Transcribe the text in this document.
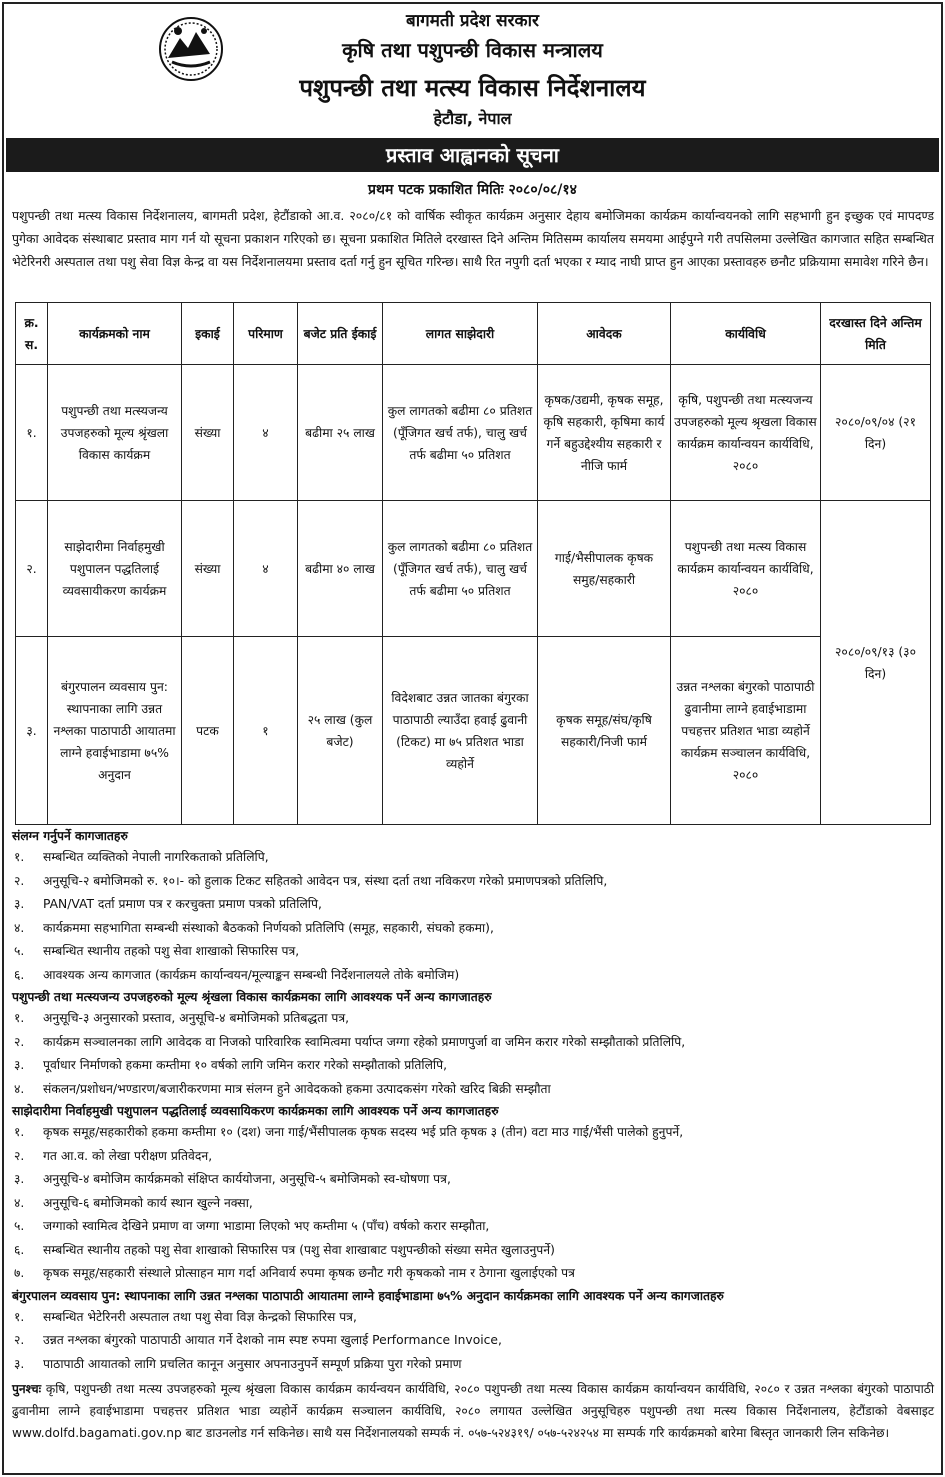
बागमती प्रदेश सरकार
कृषि तथा पशुपन्छी विकास मन्त्रालय
पशुपन्छी तथा मत्स्य विकास निर्देशनालय
हेटौडा, नेपाल
प्रस्ताव आह्वानको सूचना
प्रथम पटक प्रकाशित मितिः २०८०/०८/१४
पशुपन्छी तथा मत्स्य विकास निर्देशनालय, बागमती प्रदेश, हेटौंडाको आ.व. २०८०/८१ को वार्षिक स्वीकृत कार्यक्रम अनुसार देहाय बमोजिमका कार्यक्रम कार्यान्वयनको लागि सहभागी हुन इच्छुक एवं मापदण्ड पुगेका आवेदक संस्थाबाट प्रस्ताव माग गर्न यो सूचना प्रकाशन गरिएको छ। सूचना प्रकाशित मितिले दरखास्त दिने अन्तिम मितिसम्म कार्यालय समयमा आईपुग्ने गरी तपसिलमा उल्लेखित कागजात सहित सम्बन्धित भेटेरिनरी अस्पताल तथा पशु सेवा विज्ञ केन्द्र वा यस निर्देशनालयमा प्रस्ताव दर्ता गर्नु हुन सूचित गरिन्छ। साथै रित नपुगी दर्ता भएका र म्याद नाघी प्राप्त हुन आएका प्रस्तावहरु छनौट प्रक्रियामा समावेश गरिने छैन।
क्र. स.	कार्यक्रमको नाम	इकाई	परिमाण	बजेट प्रति ईकाई	लागत साझेदारी	आवेदक	कार्यविधि	दरखास्त दिने अन्तिम मिति
१.	पशुपन्छी तथा मत्स्यजन्य उपजहरुको मूल्य श्रृंखला विकास कार्यक्रम	संख्या	४	बढीमा २५ लाख	कुल लागतको बढीमा ८० प्रतिशत (पूँजिगत खर्च तर्फ), चालु खर्च तर्फ बढीमा ५० प्रतिशत	कृषक/उद्यमी, कृषक समूह, कृषि सहकारी, कृषिमा कार्य गर्ने बहुउद्देश्यीय सहकारी र नीजि फार्म	कृषि, पशुपन्छी तथा मत्स्यजन्य उपजहरुको मूल्य श्रृखला विकास कार्यक्रम कार्यान्वयन कार्यविधि, २०८०	२०८०/०९/०४ (२१ दिन)
२.	साझेदारीमा निर्वाहमुखी पशुपालन पद्धतिलाई व्यवसायीकरण कार्यक्रम	संख्या	४	बढीमा ४० लाख	कुल लागतको बढीमा ८० प्रतिशत (पूँजिगत खर्च तर्फ), चालु खर्च तर्फ बढीमा ५० प्रतिशत	गाई/भैसीपालक कृषक समुह/सहकारी	पशुपन्छी तथा मत्स्य विकास कार्यक्रम कार्यान्वयन कार्यविधि, २०८०	२०८०/०९/१३ (३० दिन)
३.	बंगुरपालन व्यवसाय पुन: स्थापनाका लागि उन्नत नश्लका पाठापाठी आयातमा लाग्ने हवाईभाडामा ७५% अनुदान	पटक	१	२५ लाख (कुल बजेट)	विदेशबाट उन्नत जातका बंगुरका पाठापाठी ल्याउँदा हवाई ढुवानी (टिकट) मा ७५ प्रतिशत भाडा व्यहोर्ने	कृषक समूह/संघ/कृषि सहकारी/निजी फार्म	उन्नत नश्लका बंगुरको पाठापाठी ढुवानीमा लाग्ने हवाईभाडामा पचहत्तर प्रतिशत भाडा व्यहोर्ने कार्यक्रम सञ्चालन कार्यविधि, २०८०	
संलग्न गर्नुपर्ने कागजातहरु
१.	सम्बन्धित व्यक्तिको नेपाली नागरिकताको प्रतिलिपि,
२.	अनुसूचि-२ बमोजिमको रु. १०।- को हुलाक टिकट सहितको आवेदन पत्र, संस्था दर्ता तथा नविकरण गरेको प्रमाणपत्रको प्रतिलिपि,
३.	PAN/VAT दर्ता प्रमाण पत्र र करचुक्ता प्रमाण पत्रको प्रतिलिपि,
४.	कार्यक्रममा सहभागिता सम्बन्धी संस्थाको बैठकको निर्णयको प्रतिलिपि (समूह, सहकारी, संघको हकमा),
५.	सम्बन्धित स्थानीय तहको पशु सेवा शाखाको सिफारिस पत्र,
६.	आवश्यक अन्य कागजात (कार्यक्रम कार्यान्वयन/मूल्याङ्कन सम्बन्धी निर्देशनालयले तोके बमोजिम)
पशुपन्छी तथा मत्स्यजन्य उपजहरुको मूल्य श्रृंखला विकास कार्यक्रमका लागि आवश्यक पर्ने अन्य कागजातहरु
१.	अनुसूचि-३ अनुसारको प्रस्ताव, अनुसूचि-४ बमोजिमको प्रतिबद्धता पत्र,
२.	कार्यक्रम सञ्चालनका लागि आवेदक वा निजको पारिवारिक स्वामित्वमा पर्याप्त जग्गा रहेको प्रमाणपुर्जा वा जमिन करार गरेको सम्झौताको प्रतिलिपि,
३.	पूर्वाधार निर्माणको हकमा कम्तीमा १० वर्षको लागि जमिन करार गरेको सम्झौताको प्रतिलिपि,
४.	संकलन/प्रशोधन/भण्डारण/बजारीकरणमा मात्र संलग्न हुने आवेदकको हकमा उत्पादकसंग गरेको खरिद बिक्री सम्झौता
साझेदारीमा निर्वाहमुखी पशुपालन पद्धतिलाई व्यवसायिकरण कार्यक्रमका लागि आवश्यक पर्ने अन्य कागजातहरु
१.	कृषक समूह/सहकारीको हकमा कम्तीमा १० (दश) जना गाई/भैंसीपालक कृषक सदस्य भई प्रति कृषक ३ (तीन) वटा माउ गाई/भैंसी पालेको हुनुपर्ने,
२.	गत आ.व. को लेखा परीक्षण प्रतिवेदन,
३.	अनुसूचि-४ बमोजिम कार्यक्रमको संक्षिप्त कार्ययोजना, अनुसूचि-५ बमोजिमको स्व-घोषणा पत्र,
४.	अनुसूचि-६ बमोजिमको कार्य स्थान खुल्ने नक्सा,
५.	जग्गाको स्वामित्व देखिने प्रमाण वा जग्गा भाडामा लिएको भए कम्तीमा ५ (पाँच) वर्षको करार सम्झौता,
६.	सम्बन्धित स्थानीय तहको पशु सेवा शाखाको सिफारिस पत्र (पशु सेवा शाखाबाट पशुपन्छीको संख्या समेत खुलाउनुपर्ने)
७.	कृषक समूह/सहकारी संस्थाले प्रोत्साहन माग गर्दा अनिवार्य रुपमा कृषक छनौट गरी कृषकको नाम र ठेगाना खुलाईएको पत्र
बंगुरपालन व्यवसाय पुन: स्थापनाका लागि उन्नत नश्लका पाठापाठी आयातमा लाग्ने हवाईभाडामा ७५% अनुदान कार्यक्रमका लागि आवश्यक पर्ने अन्य कागजातहरु
१.	सम्बन्धित भेटेरिनरी अस्पताल तथा पशु सेवा विज्ञ केन्द्रको सिफारिस पत्र,
२.	उन्नत नश्लका बंगुरको पाठापाठी आयात गर्ने देशको नाम स्पष्ट रुपमा खुलाई Performance Invoice,
३.	पाठापाठी आयातको लागि प्रचलित कानून अनुसार अपनाउनुपर्ने सम्पूर्ण प्रक्रिया पुरा गरेको प्रमाण
पुनश्चः कृषि, पशुपन्छी तथा मत्स्य उपजहरुको मूल्य श्रृंखला विकास कार्यक्रम कार्यन्वयन कार्यविधि, २०८० पशुपन्छी तथा मत्स्य विकास कार्यक्रम कार्यान्वयन कार्यविधि, २०८० र उन्नत नश्लका बंगुरको पाठापाठी ढुवानीमा लाग्ने हवाईभाडामा पचहत्तर प्रतिशत भाडा व्यहोर्ने कार्यक्रम सञ्चालन कार्यविधि, २०८० लगायत उल्लेखित अनुसूचिहरु पशुपन्छी तथा मत्स्य विकास निर्देशनालय, हेटौंडाको वेबसाइट www.dolfd.bagamati.gov.np बाट डाउनलोड गर्न सकिनेछ। साथै यस निर्देशनालयको सम्पर्क नं. ०५७-५२४३१९/ ०५७-५२४२५४ मा सम्पर्क गरि कार्यक्रमको बारेमा बिस्तृत जानकारी लिन सकिनेछ।
